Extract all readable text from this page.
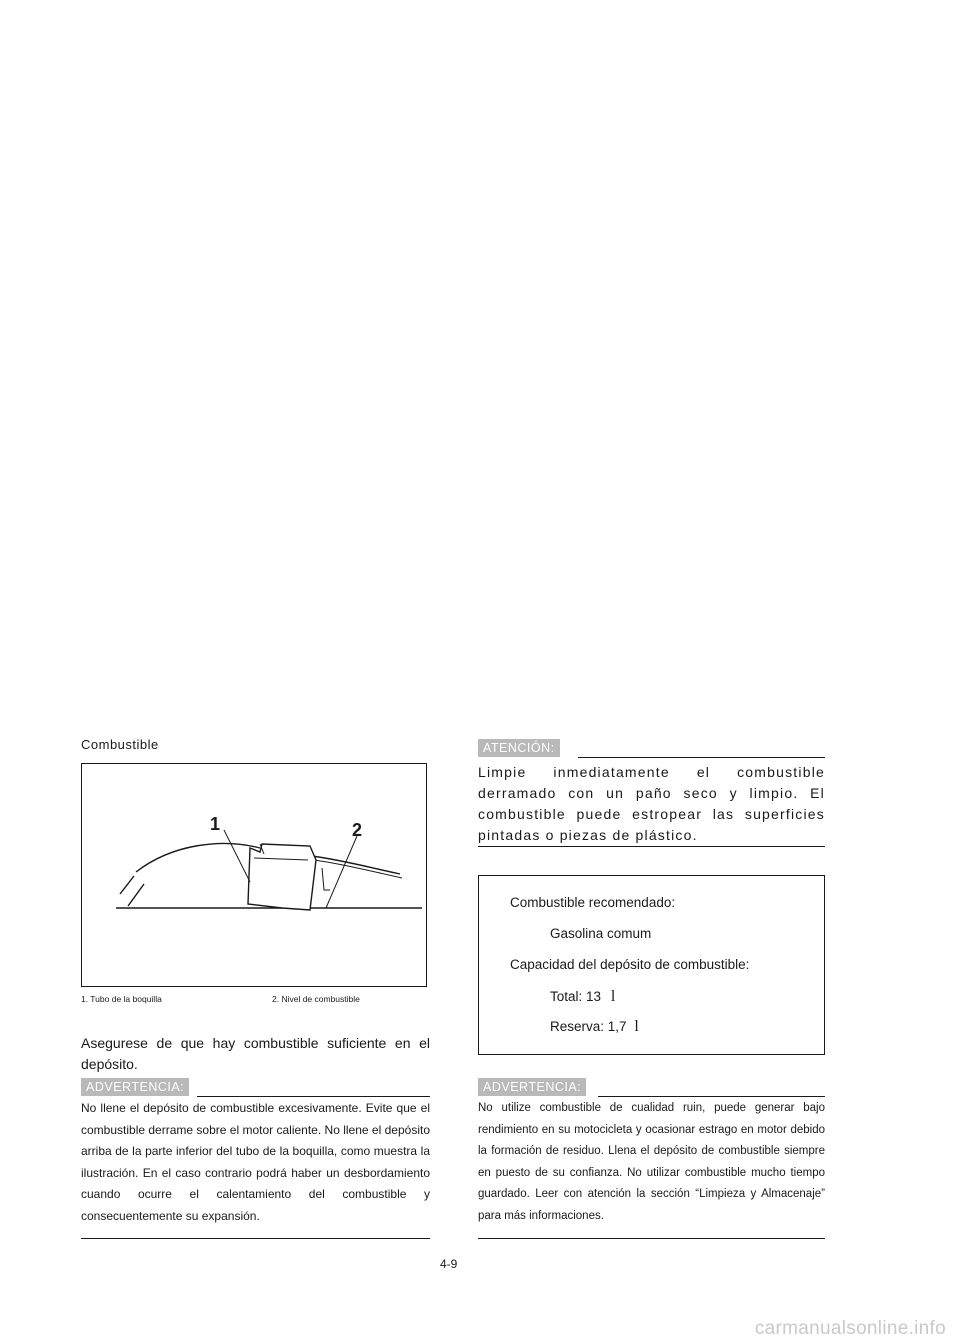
Combustible
1	2
1. Tubo de la boquilla	2. Nivel de combustible
Asegurese de que hay combustible suficiente en el depósito.
ADVERTENCIA:
No llene el depósito de combustible excesivamente. Evite que el combustible derrame sobre el motor caliente. No llene el depósito arriba de la parte inferior del tubo de la boquilla, como muestra la ilustración. En el caso contrario podrá haber un desbordamiento cuando ocurre el calentamiento del combustible y consecuentemente su expansión.
ATENCIÓN:
Limpie inmediatamente el combustible derramado con un paño seco y limpio. El combustible puede estropear las superficies pintadas o piezas de plástico.
Combustible recomendado:
Gasolina comum
Capacidad del depósito de combustible:
Total: 13 l
Reserva: 1,7 l
ADVERTENCIA:
No utilize combustible de cualidad ruin, puede generar bajo rendimiento en su motocicleta y ocasionar estrago en motor debido la formación de residuo. Llena el depósito de combustible siempre en puesto de su confianza. No utilizar combustible mucho tiempo guardado. Leer con atención la sección “Limpieza y Almacenaje” para más informaciones.
4-9
carmanualsonline.info
